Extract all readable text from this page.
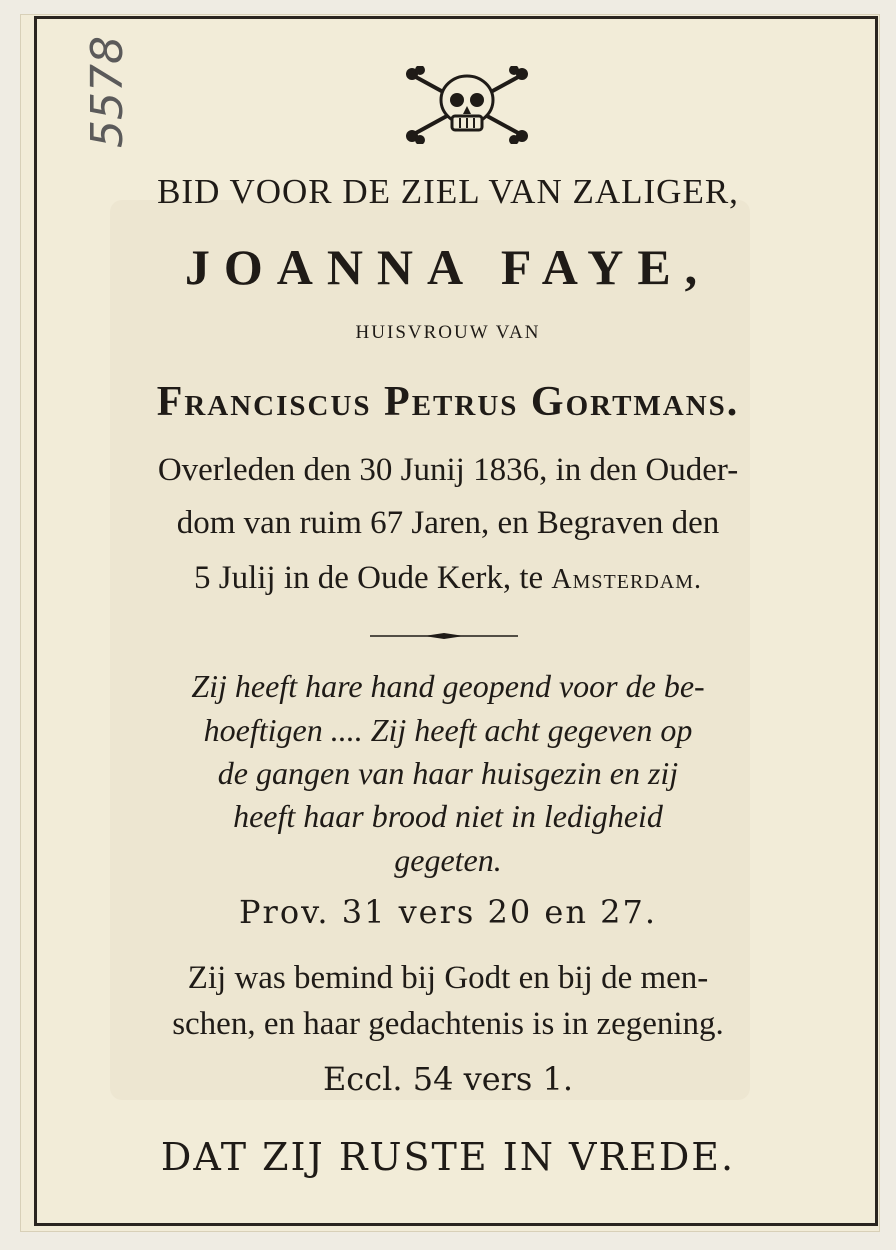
5578
BID VOOR DE ZIEL VAN ZALIGER,
JOANNA FAYE,
HUISVROUW VAN
Franciscus Petrus Gortmans.
Overleden den 30 Junij 1836, in den Ouder-
dom van ruim 67 Jaren, en Begraven den
5 Julij in de Oude Kerk, te Amsterdam.
Zij heeft hare hand geopend voor de be-
hoeftigen .... Zij heeft acht gegeven op
de gangen van haar huisgezin en zij
heeft haar brood niet in ledigheid
gegeten.
Prov. 31 vers 20 en 27.
Zij was bemind bij Godt en bij de men-
schen, en haar gedachtenis is in zegening.
Eccl. 54 vers 1.
DAT ZIJ RUSTE IN VREDE.
